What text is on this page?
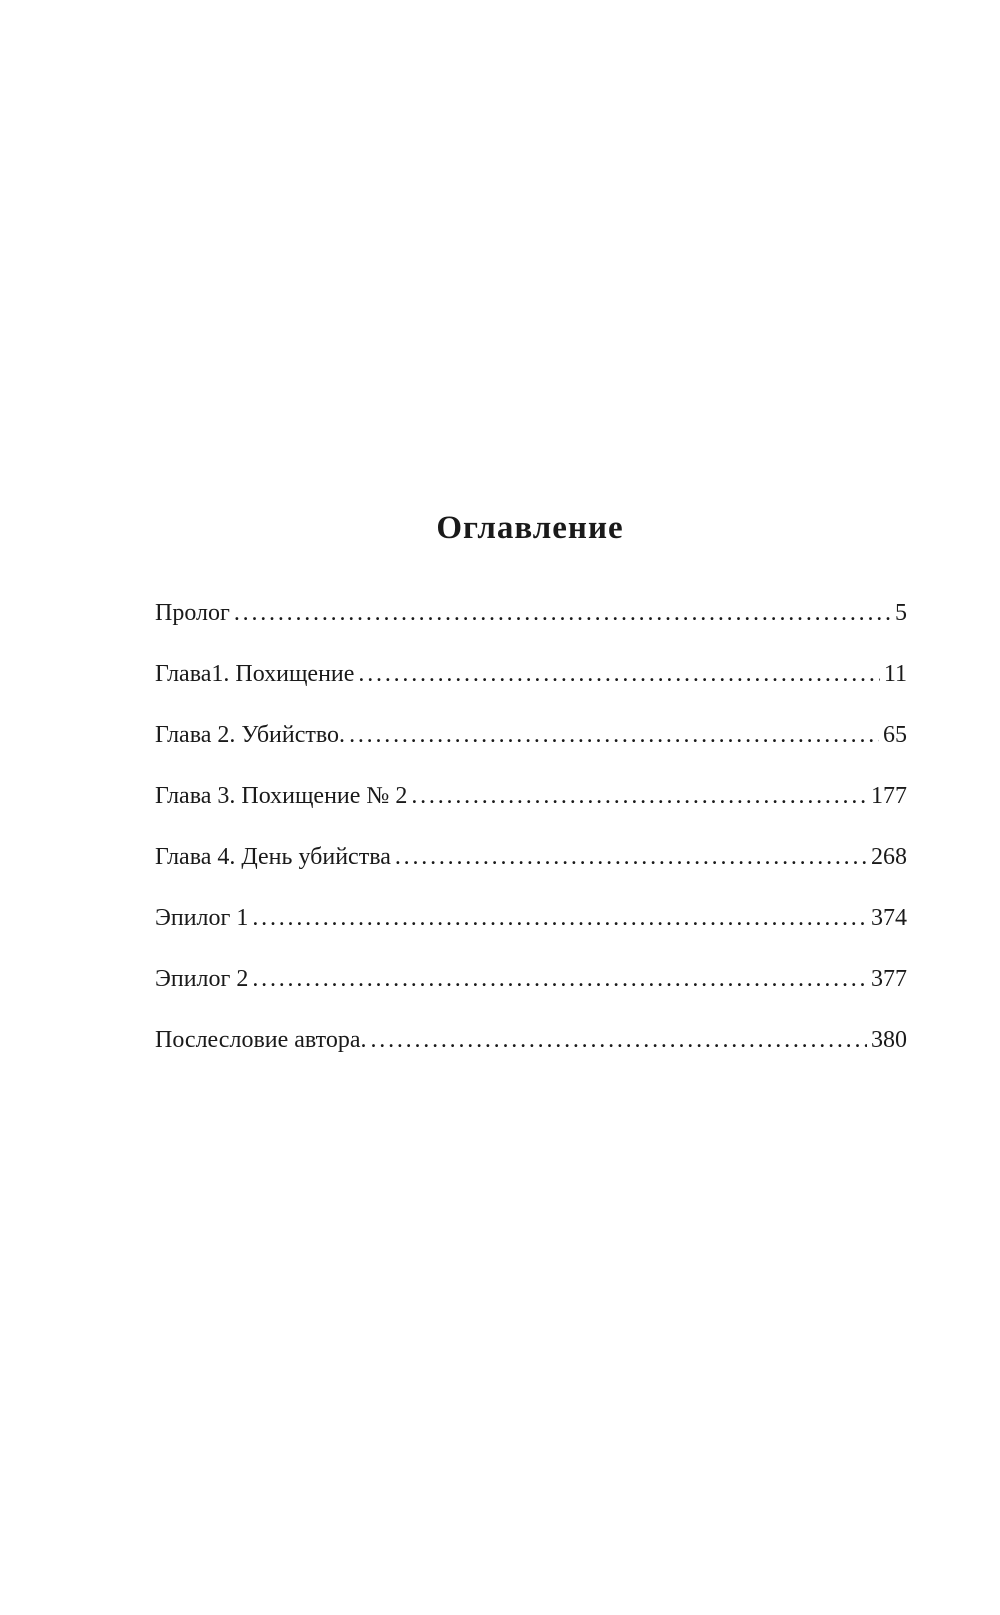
Оглавление
Пролог . . .	5
Глава1. Похищение . . .	11
Глава 2. Убийство. . . .	65
Глава 3. Похищение № 2 . . .	177
Глава 4. День убийства . . .	268
Эпилог 1 . . .	374
Эпилог 2 . . .	377
Послесловие автора. . . .	380
